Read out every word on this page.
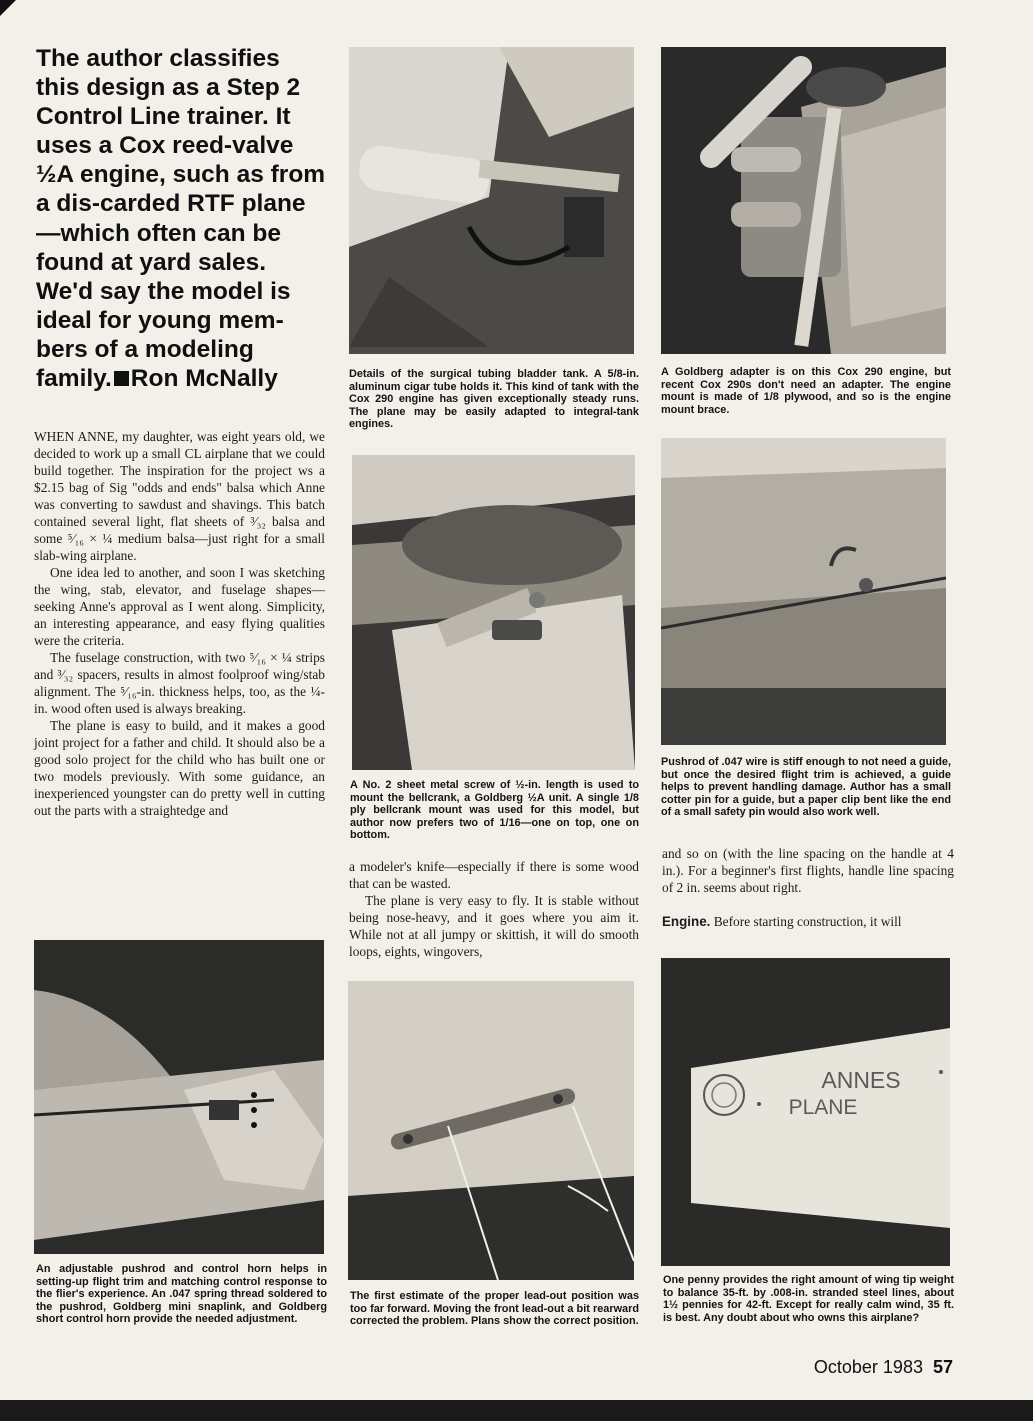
The author classifies this design as a Step 2 Control Line trainer. It uses a Cox reed-valve ½A engine, such as from a dis-carded RTF plane—which often can be found at yard sales. We'd say the model is ideal for young mem-bers of a modeling family. Ron McNally

WHEN ANNE, my daughter, was eight years old, we decided to work up a small CL airplane that we could build together. The inspiration for the project ws a $2.15 bag of Sig "odds and ends" balsa which Anne was converting to sawdust and shavings. This batch contained several light, flat sheets of ³⁄₃₂ balsa and some ⁵⁄₁₆ × ¼ medium balsa—just right for a small slab-wing airplane.

One idea led to another, and soon I was sketching the wing, stab, elevator, and fuselage shapes—seeking Anne's approval as I went along. Simplicity, an interesting appearance, and easy flying qualities were the criteria.

The fuselage construction, with two ⁵⁄₁₆ × ¼ strips and ³⁄₃₂ spacers, results in almost foolproof wing/stab alignment. The ⁵⁄₁₆-in. thickness helps, too, as the ¼-in. wood often used is always breaking.

The plane is easy to build, and it makes a good joint project for a father and child. It should also be a good solo project for the child who has built one or two models previously. With some guidance, an inexperienced youngster can do pretty well in cutting out the parts with a straightedge and

Details of the surgical tubing bladder tank. A 5/8-in. aluminum cigar tube holds it. This kind of tank with the Cox 290 engine has given exceptionally steady runs. The plane may be easily adapted to integral-tank engines.
A Goldberg adapter is on this Cox 290 engine, but recent Cox 290s don't need an adapter. The engine mount is made of 1/8 plywood, and so is the engine mount brace.
A No. 2 sheet metal screw of ½-in. length is used to mount the bellcrank, a Goldberg ½A unit. A single 1/8 ply bellcrank mount was used for this model, but author now prefers two of 1/16—one on top, one on bottom.

a modeler's knife—especially if there is some wood that can be wasted.

The plane is very easy to fly. It is stable without being nose-heavy, and it goes where you aim it. While not at all jumpy or skittish, it will do smooth loops, eights, wingovers,

Pushrod of .047 wire is stiff enough to not need a guide, but once the desired flight trim is achieved, a guide helps to prevent handling damage. Author has a small cotter pin for a guide, but a paper clip bent like the end of a small safety pin would also work well.

and so on (with the line spacing on the handle at 4 in.). For a beginner's first flights, handle line spacing of 2 in. seems about right.

Engine. Before starting construction, it will

An adjustable pushrod and control horn helps in setting-up flight trim and matching control response to the flier's experience. An .047 spring thread soldered to the pushrod, Goldberg mini snaplink, and Goldberg short control horn provide the needed adjustment.
The first estimate of the proper lead-out position was too far forward. Moving the front lead-out a bit rearward corrected the problem. Plans show the correct position.
ANNES
PLANE
One penny provides the right amount of wing tip weight to balance 35-ft. by .008-in. stranded steel lines, about 1½ pennies for 42-ft. Except for really calm wind, 35 ft. is best. Any doubt about who owns this airplane?
October 1983 57
